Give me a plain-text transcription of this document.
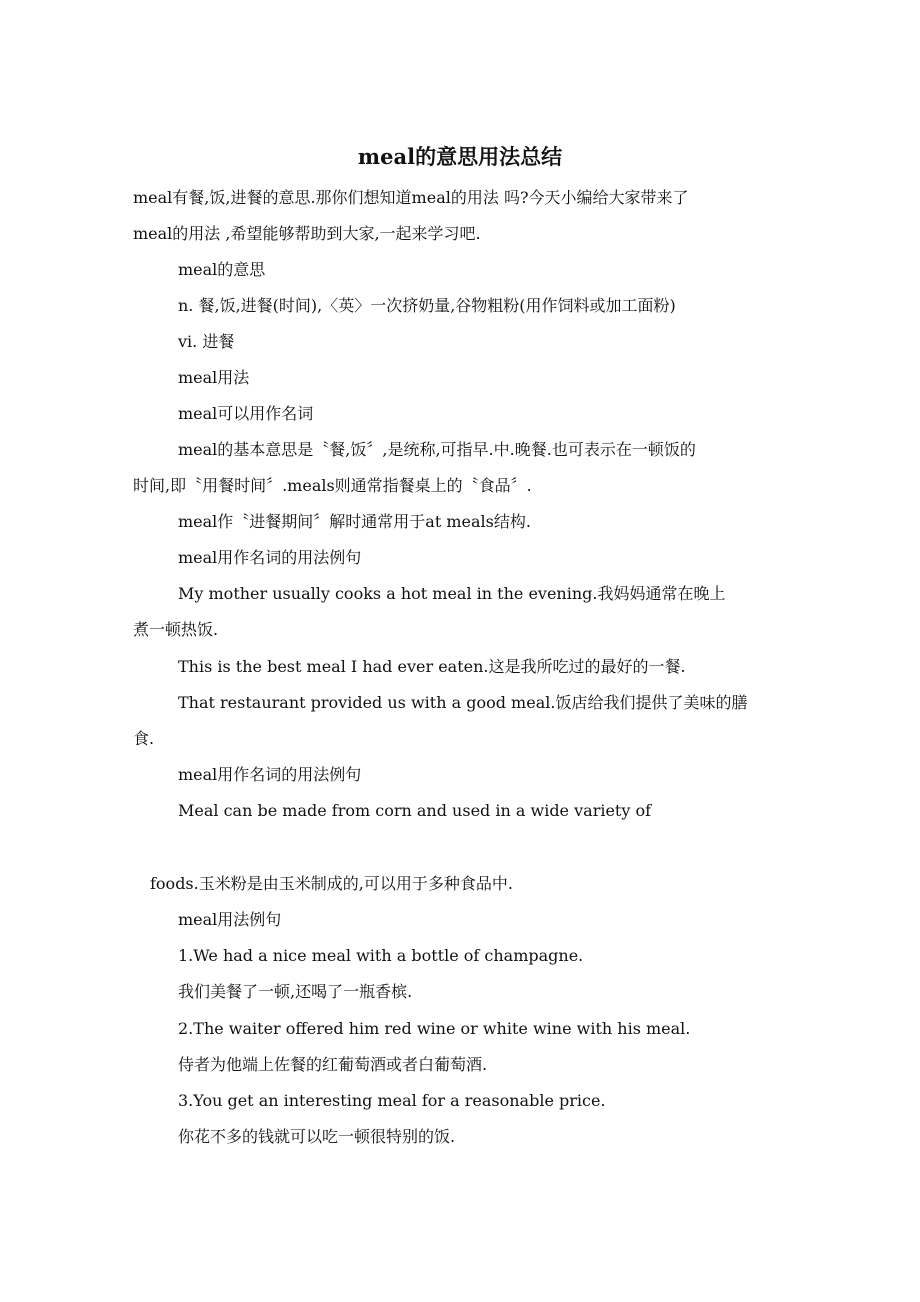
meal的意思用法总结
meal有餐,饭,进餐的意思.那你们想知道meal的用法 吗?今天小编给大家带来了
meal的用法 ,希望能够帮助到大家,一起来学习吧.
meal的意思
n. 餐,饭,进餐(时间),〈英〉一次挤奶量,谷物粗粉(用作饲料或加工面粉)
vi. 进餐
meal用法
meal可以用作名词
meal的基本意思是〝餐,饭〞,是统称,可指早.中.晚餐.也可表示在一顿饭的
时间,即〝用餐时间〞.meals则通常指餐桌上的〝食品〞.
meal作〝进餐期间〞解时通常用于at meals结构.
meal用作名词的用法例句
My mother usually cooks a hot meal in the evening.我妈妈通常在晚上
煮一顿热饭.
This is the best meal I had ever eaten.这是我所吃过的最好的一餐.
That restaurant provided us with a good meal.饭店给我们提供了美味的膳
食.
meal用作名词的用法例句
Meal can be made from corn and used in a wide variety of
foods.玉米粉是由玉米制成的,可以用于多种食品中.
meal用法例句
1.We had a nice meal with a bottle of champagne.
我们美餐了一顿,还喝了一瓶香槟.
2.The waiter offered him red wine or white wine with his meal.
侍者为他端上佐餐的红葡萄酒或者白葡萄酒.
3.You get an interesting meal for a reasonable price.
你花不多的钱就可以吃一顿很特别的饭.
